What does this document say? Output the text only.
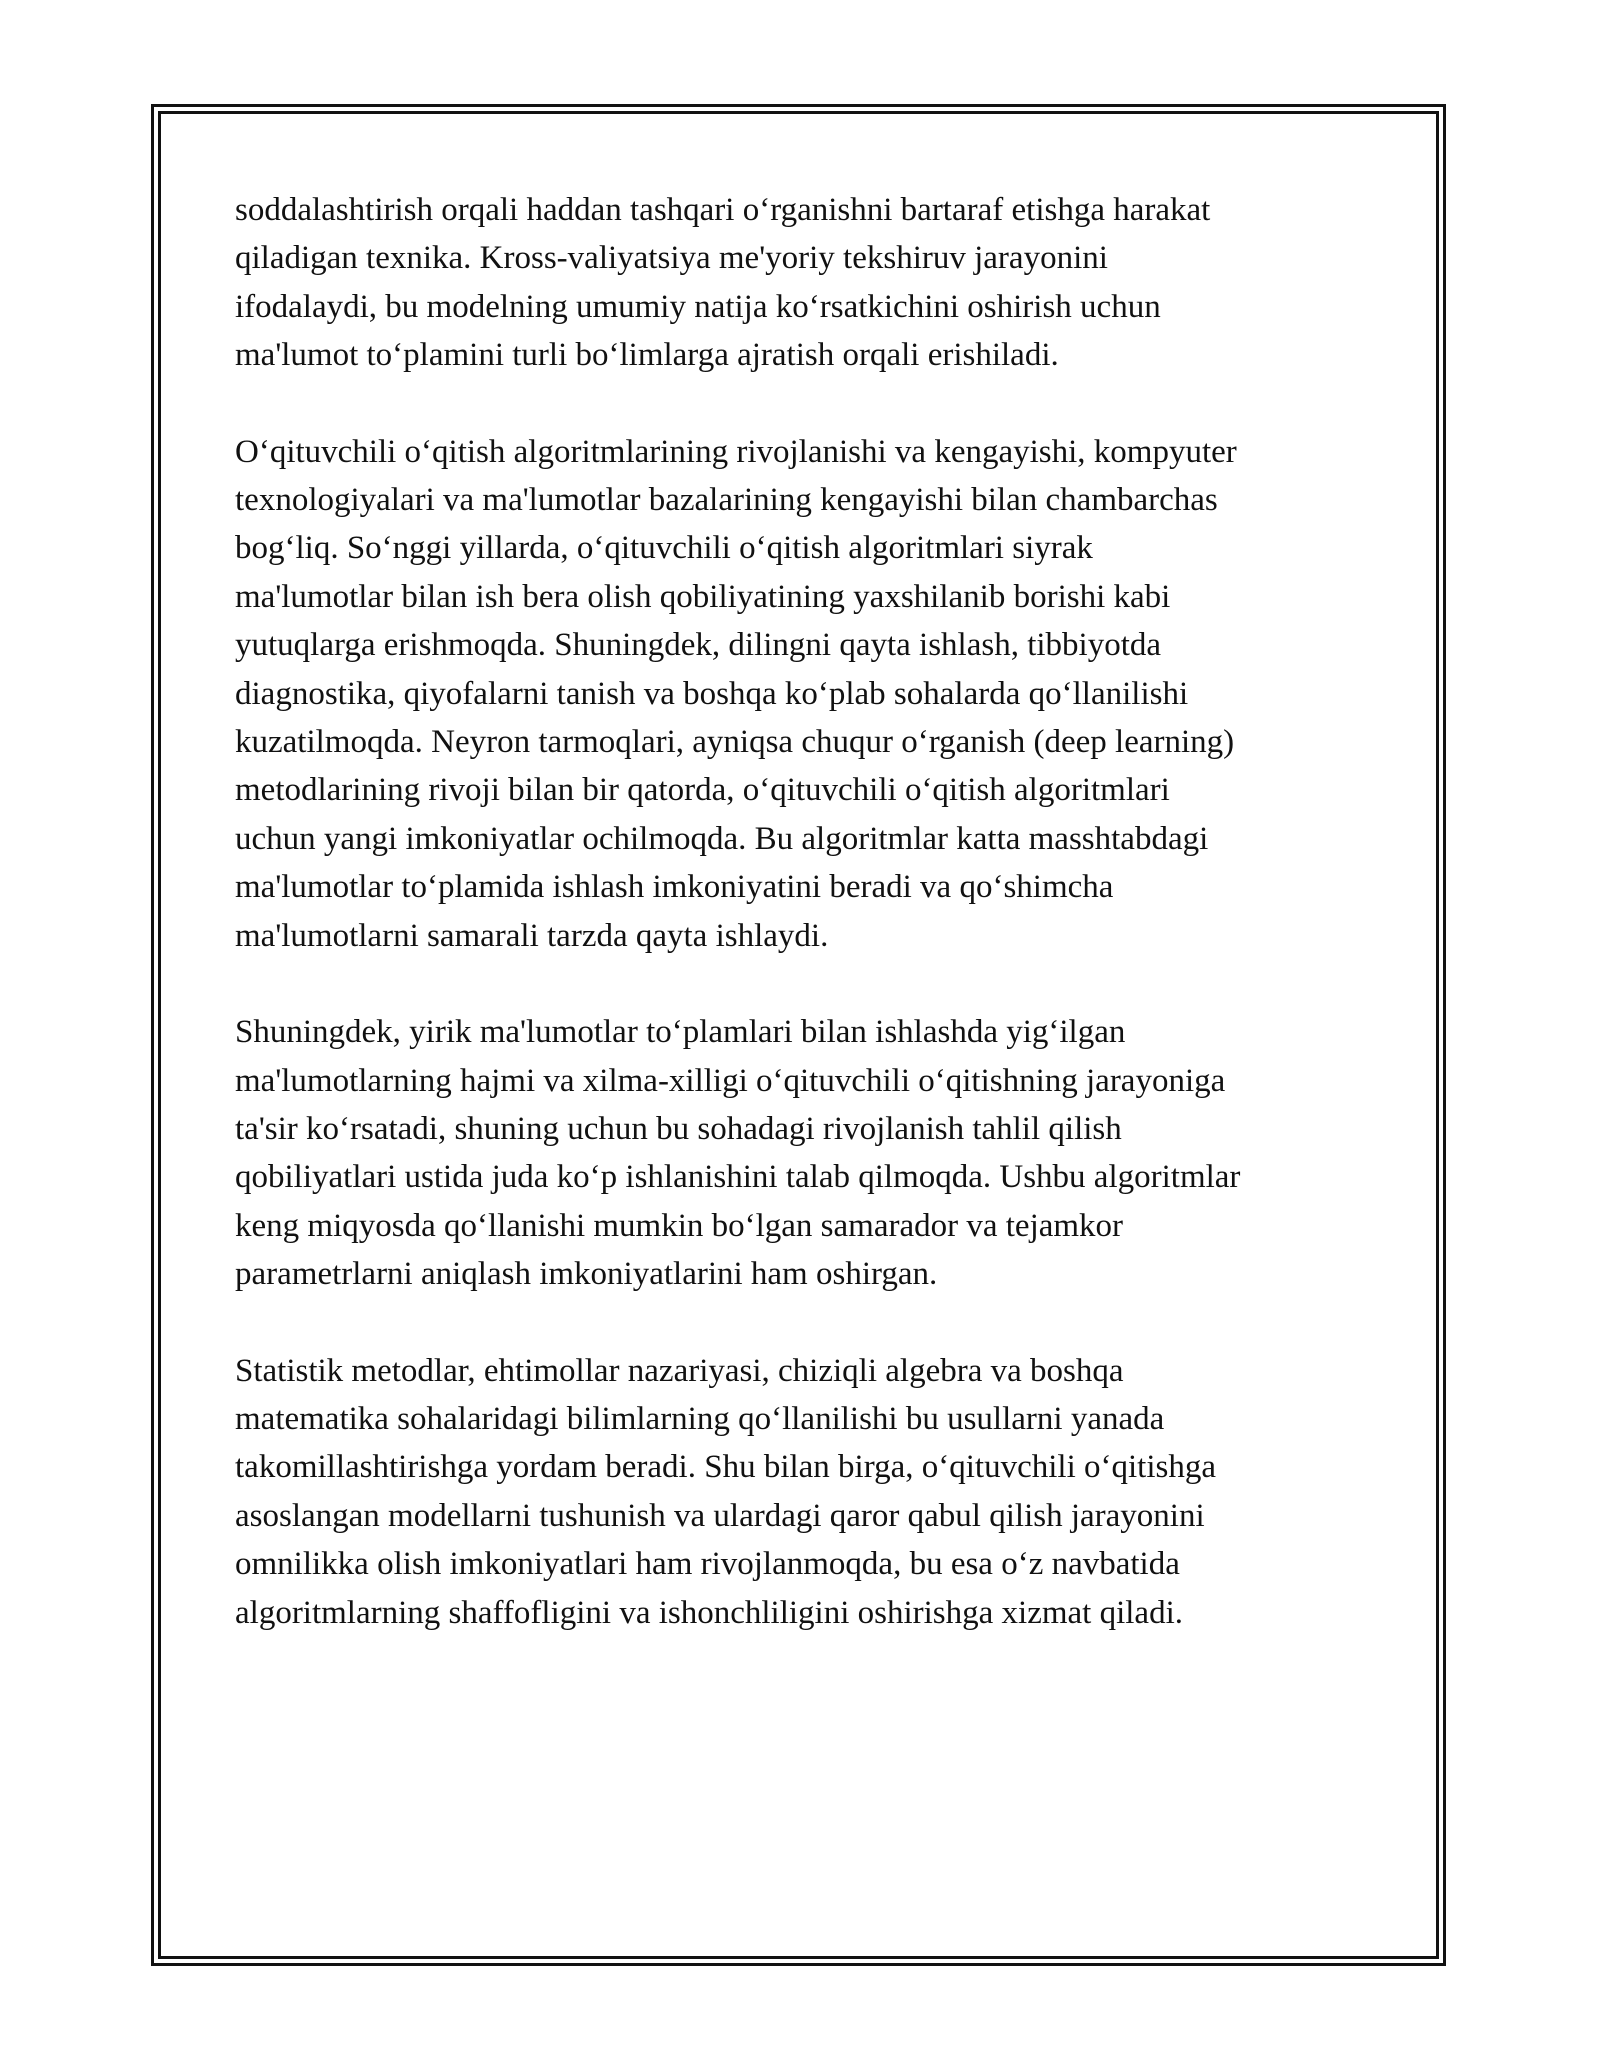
soddalashtirish orqali haddan tashqari o‘rganishni bartaraf etishga harakat
qiladigan texnika. Kross-valiyatsiya me'yoriy tekshiruv jarayonini
ifodalaydi, bu modelning umumiy natija ko‘rsatkichini oshirish uchun
ma'lumot to‘plamini turli bo‘limlarga ajratish orqali erishiladi.

O‘qituvchili o‘qitish algoritmlarining rivojlanishi va kengayishi, kompyuter
texnologiyalari va ma'lumotlar bazalarining kengayishi bilan chambarchas
bog‘liq. So‘nggi yillarda, o‘qituvchili o‘qitish algoritmlari siyrak
ma'lumotlar bilan ish bera olish qobiliyatining yaxshilanib borishi kabi
yutuqlarga erishmoqda. Shuningdek, dilingni qayta ishlash, tibbiyotda
diagnostika, qiyofalarni tanish va boshqa ko‘plab sohalarda qo‘llanilishi
kuzatilmoqda. Neyron tarmoqlari, ayniqsa chuqur o‘rganish (deep learning)
metodlarining rivoji bilan bir qatorda, o‘qituvchili o‘qitish algoritmlari
uchun yangi imkoniyatlar ochilmoqda. Bu algoritmlar katta masshtabdagi
ma'lumotlar to‘plamida ishlash imkoniyatini beradi va qo‘shimcha
ma'lumotlarni samarali tarzda qayta ishlaydi.

Shuningdek, yirik ma'lumotlar to‘plamlari bilan ishlashda yig‘ilgan
ma'lumotlarning hajmi va xilma-xilligi o‘qituvchili o‘qitishning jarayoniga
ta'sir ko‘rsatadi, shuning uchun bu sohadagi rivojlanish tahlil qilish
qobiliyatlari ustida juda ko‘p ishlanishini talab qilmoqda. Ushbu algoritmlar
keng miqyosda qo‘llanishi mumkin bo‘lgan samarador va tejamkor
parametrlarni aniqlash imkoniyatlarini ham oshirgan.

Statistik metodlar, ehtimollar nazariyasi, chiziqli algebra va boshqa
matematika sohalaridagi bilimlarning qo‘llanilishi bu usullarni yanada
takomillashtirishga yordam beradi. Shu bilan birga, o‘qituvchili o‘qitishga
asoslangan modellarni tushunish va ulardagi qaror qabul qilish jarayonini
omnilikka olish imkoniyatlari ham rivojlanmoqda, bu esa o‘z navbatida
algoritmlarning shaffofligini va ishonchliligini oshirishga xizmat qiladi.
